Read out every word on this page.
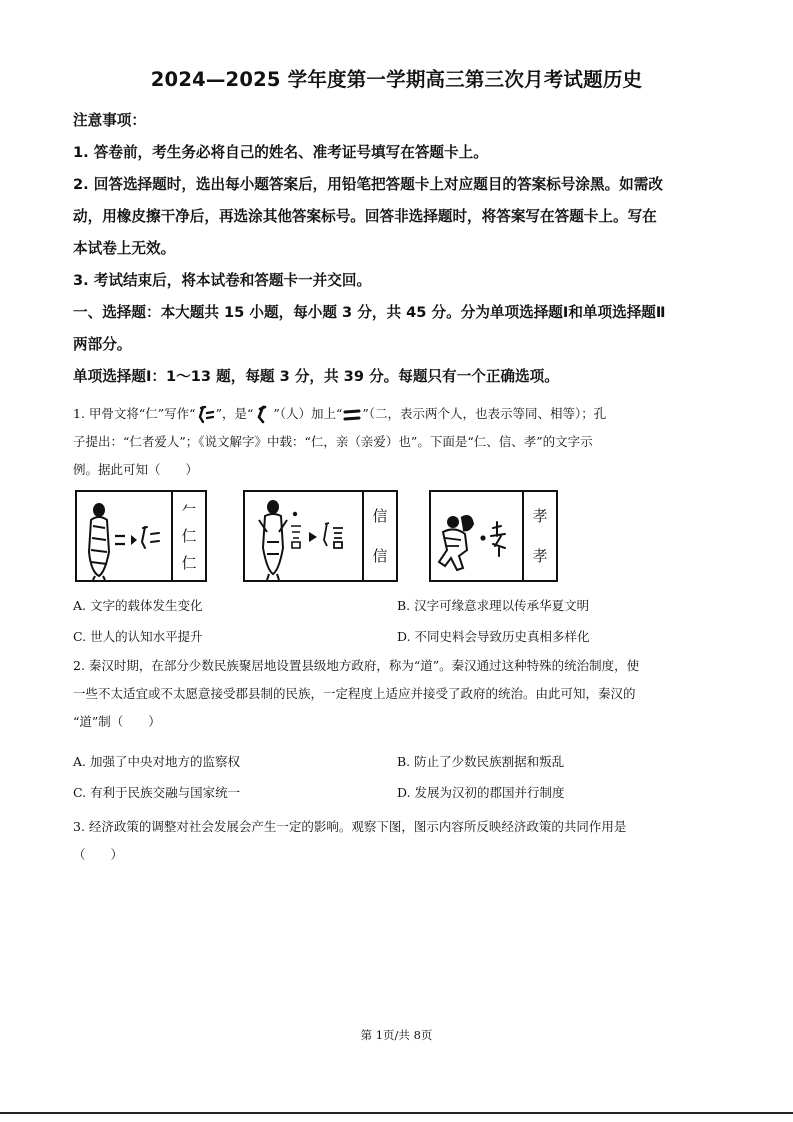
2024—2025 学年度第一学期高三第三次月考试题历史

注意事项：

1. 答卷前，考生务必将自己的姓名、准考证号填写在答题卡上。

2. 回答选择题时，选出每小题答案后，用铅笔把答题卡上对应题目的答案标号涂黑。如需改

动，用橡皮擦干净后，再选涂其他答案标号。回答非选择题时，将答案写在答题卡上。写在

本试卷上无效。

3. 考试结束后，将本试卷和答题卡一并交回。

一、选择题：本大题共 15 小题，每小题 3 分，共 45 分。分为单项选择题Ⅰ和单项选择题Ⅱ

两部分。

单项选择题Ⅰ：1～13 题，每题 3 分，共 39 分。每题只有一个正确选项。

1. 甲骨文将“仁”写作“ ”，是“ ”（人）加上“ ”（二，表示两个人，也表示等同、相等）；孔

子提出：“仁者爱人”；《说文解字》中载：“仁，亲（亲爱）也”。下面是“仁、信、孝”的文字示

例。据此可知（　　）

𠂉
仁
仁
信
信
孝
孝
A. 文字的载体发生变化	B. 汉字可缘意求理以传承华夏文明
C. 世人的认知水平提升	D. 不同史料会导致历史真相多样化

2. 秦汉时期，在部分少数民族聚居地设置县级地方政府，称为“道”。秦汉通过这种特殊的统治制度，使

一些不太适宜或不太愿意接受郡县制的民族，一定程度上适应并接受了政府的统治。由此可知，秦汉的

“道”制（　　）

A. 加强了中央对地方的监察权	B. 防止了少数民族割据和叛乱
C. 有利于民族交融与国家统一	D. 发展为汉初的郡国并行制度

3. 经济政策的调整对社会发展会产生一定的影响。观察下图，图示内容所反映经济政策的共同作用是

（　　）

第 1页/共 8页
